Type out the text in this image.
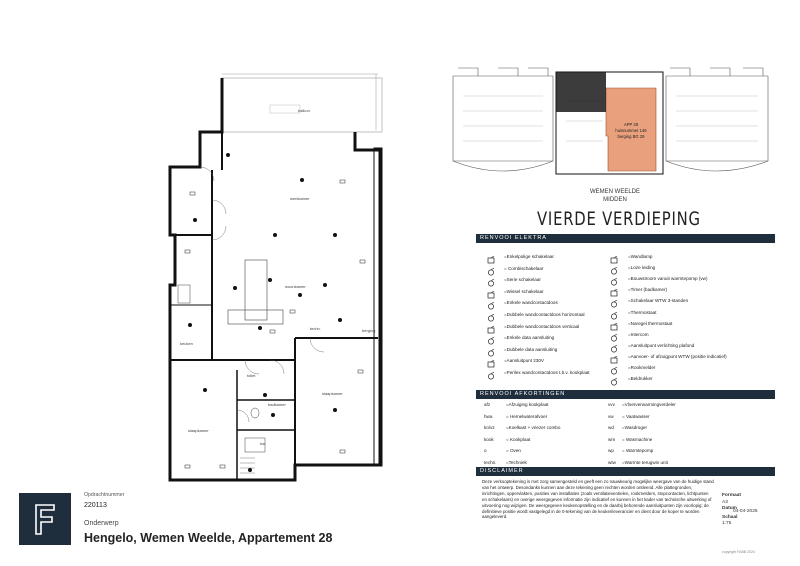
balkon
werkkamer
woonkamer
keuken
slaapkamer
slaapkamer
badkamer
toilet
hal
techn.	berging
APP 28
huisnummer 146
berging BG 29
WEMEN WEELDE
MIDDEN
VIERDE VERDIEPING
RENVOOI ELEKTRA
=Enkelpolige schakelaar
= Combischakelaar
=Serie schakelaar
=Wissel schakelaar
=Enkele wandcontactdoos
=Dubbele wandcontactdoos horizontaal
=Dubbele wandcontactdoos verticaal
=Enkele data aansluiting
=Dubbele data aansluiting
=Aansluitpunt 230V
=Perilex wandcontactdoos t.b.v. kookplaat
=Wandlamp
=Loze leiding
=Bouwstroom vanuit warmtepomp (vw)
=Timer (badkamer)
=Schakelaar WTW 3-standen
=Thermostaat
=Naregel thermostaat
=Intercom
=Aansluitpunt verlichting plafond
=Aanvoer- of afzuigpunt WTW (positie indicatief)
=Rookmelder
=Beldrukker
RENVOOI AFKORTINGEN
afz	=Afzuiging kookplaat
hwa	= Hemelwaterafvoer
ko/vz =Koelkast + vriezer combo
kook	= Kookplaat
o	= Oven
techn. =Techniek
vvv =Vloerverwarmingverdeler
vw = Vaatwasser
wd =Wasdroger
wm = Wasmachine
wp = Warmtepomp
wtw =Warmte terugwin unit
DISCLAIMER
Deze verkooptekening is met zorg samengesteld en geeft een zo nauwkeurig mogelijke weergave van de huidige stand van het ontwerp. Desondanks kunnen aan deze tekening geen rechten worden ontleend. Alle plattegronden, inrichtingen, oppervlakten, posities van installaties (zoals ventilatieventielen, rookmelders, stopcontacten, lichtpunten en schakelaars) en overige weergegeven informatie zijn indicatief en kunnen in het kader van technische uitwerking of uitvoering nog wijzigen. De weergegeven keukenopstelling en de daarbij behorende aansluitpunten zijn voorlopig; de definitieve positie wordt vastgelegd in de 0-tekening van de keukenleverancier en dient door de koper te worden aangeleverd.
Formaat
A3
Datum
04-04-2025
Schaal
1:75
copyright FABB 2024
Opdrachtnummer
220113
Onderwerp
Hengelo, Wemen Weelde, Appartement 28
